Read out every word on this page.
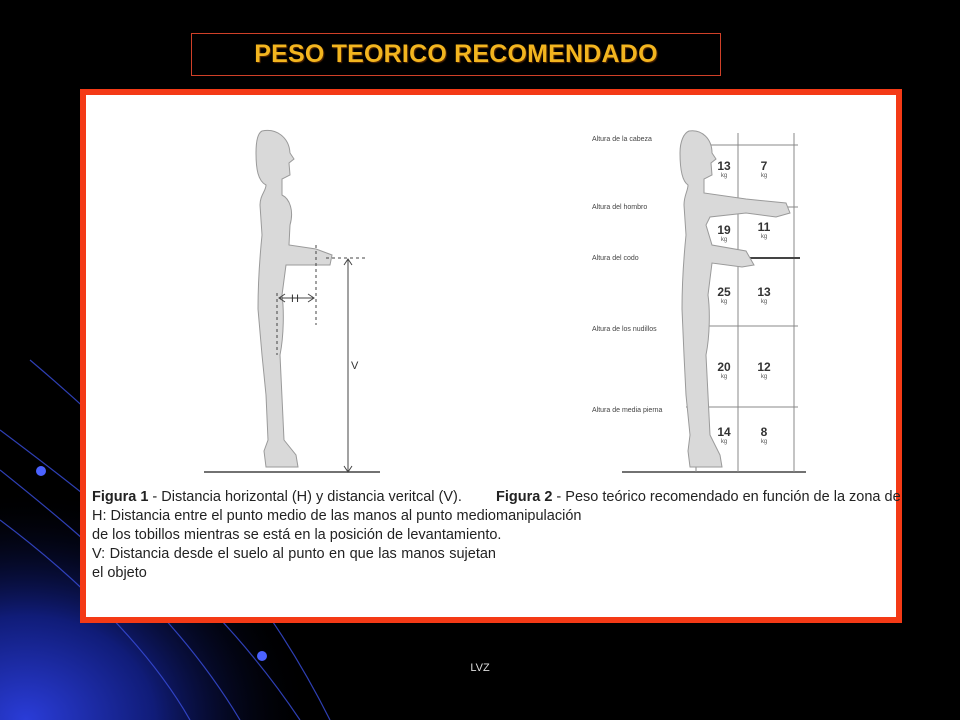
PESO TEORICO RECOMENDADO
H
V
Altura de la cabeza
Altura del hombro
Altura del codo
Altura de los nudillos
Altura de media pierna
13
kg
7
kg
19
kg
11
kg
25
kg
13
kg
20
kg
12
kg
14
kg
8
kg
Figura 1 - Distancia horizontal (H) y distancia veritcal (V).
H: Distancia entre el punto medio de las manos al punto medio
de los tobillos mientras se está en la posición de levantamiento.
V: Distancia desde el suelo al punto en que las manos sujetan
el objeto
Figura 2 - Peso teórico recomendado en función de la zona de
manipulación
LVZ
